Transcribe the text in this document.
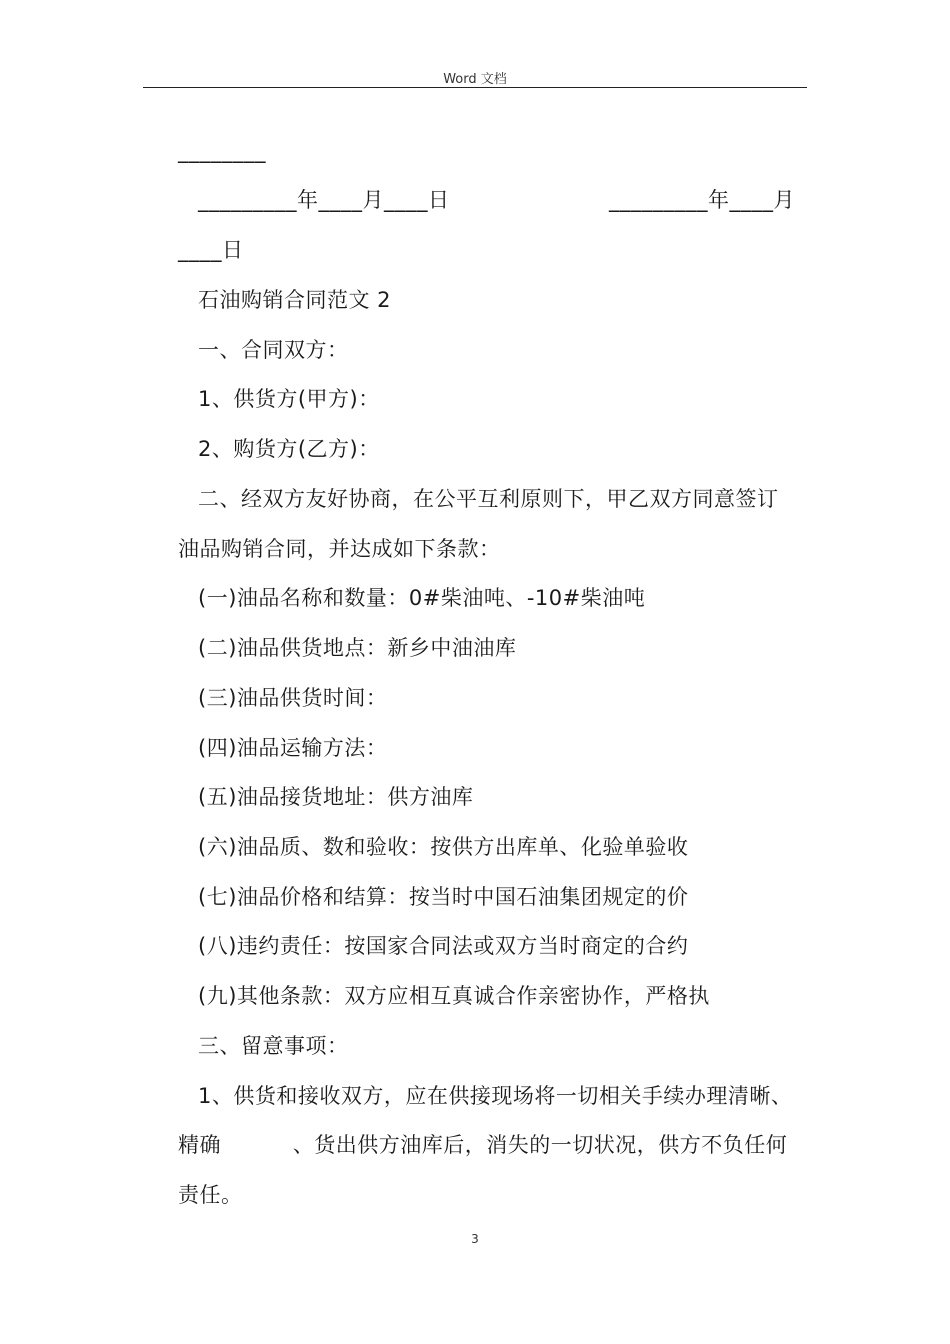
Word 文档
________
_________年____月____日	_________年____月
____日
石油购销合同范文 2
一、合同双方：
1、供货方(甲方)：
2、购货方(乙方)：
二、经双方友好协商，在公平互利原则下，甲乙双方同意签订
油品购销合同，并达成如下条款：
(一)油品名称和数量：0#柴油吨、-10#柴油吨
(二)油品供货地点：新乡中油油库
(三)油品供货时间：
(四)油品运输方法：
(五)油品接货地址：供方油库
(六)油品质、数和验收：按供方出库单、化验单验收
(七)油品价格和结算：按当时中国石油集团规定的价
(八)违约责任：按国家合同法或双方当时商定的合约
(九)其他条款：双方应相互真诚合作亲密协作，严格执
三、留意事项：
1、供货和接收双方，应在供接现场将一切相关手续办理清晰、
精确          、货出供方油库后，消失的一切状况，供方不负任何
责任。
3
